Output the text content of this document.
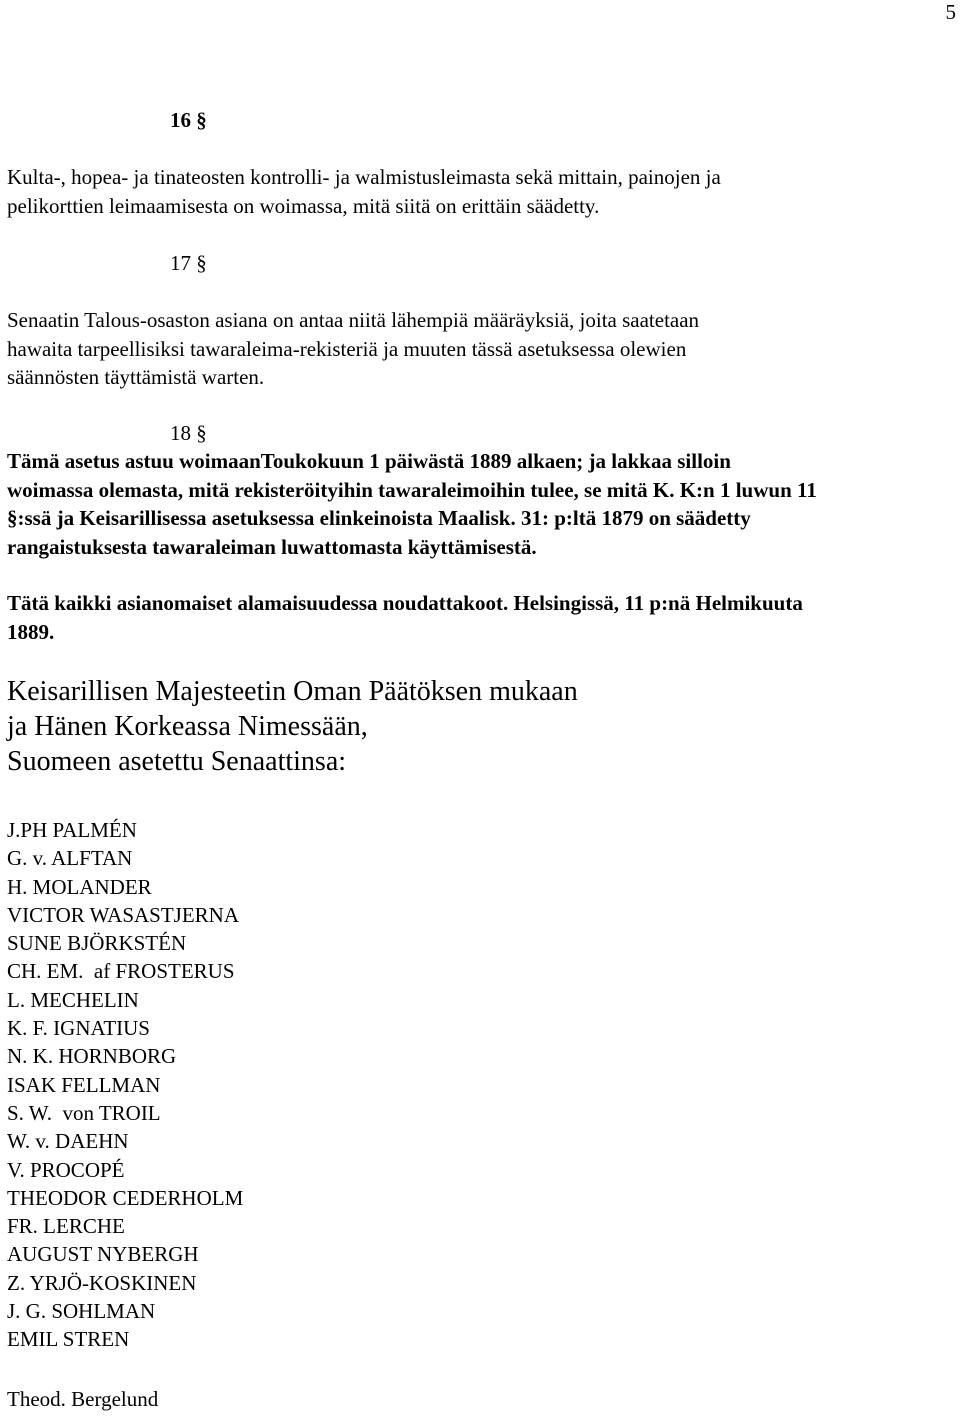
5
16 §
Kulta-, hopea- ja tinateosten kontrolli- ja walmistusleimasta sekä mittain, painojen ja
pelikorttien leimaamisesta on woimassa, mitä siitä on erittäin säädetty.
17 §
Senaatin Talous-osaston asiana on antaa niitä lähempiä määräyksiä, joita saatetaan
hawaita tarpeellisiksi tawaraleima-rekisteriä ja muuten tässä asetuksessa olewien
säännösten täyttämistä warten.
18 §
Tämä asetus astuu woimaanToukokuun 1 päiwästä 1889 alkaen; ja lakkaa silloin
woimassa olemasta, mitä rekisteröityihin tawaraleimoihin tulee, se mitä K. K:n 1 luwun 11
§:ssä ja Keisarillisessa asetuksessa elinkeinoista Maalisk. 31: p:ltä 1879 on säädetty
rangaistuksesta tawaraleiman luwattomasta käyttämisestä.
Tätä kaikki asianomaiset alamaisuudessa noudattakoot. Helsingissä, 11 p:nä Helmikuuta
1889.
Keisarillisen Majesteetin Oman Päätöksen mukaan
ja Hänen Korkeassa Nimessään,
Suomeen asetettu Senaattinsa:
J.PH PALMÉN
G. v. ALFTAN
H. MOLANDER
VICTOR WASASTJERNA
SUNE BJÖRKSTÉN
CH. EM.  af FROSTERUS
L. MECHELIN
K. F. IGNATIUS
N. K. HORNBORG
ISAK FELLMAN
S. W.  von TROIL
W. v. DAEHN
V. PROCOPÉ
THEODOR CEDERHOLM
FR. LERCHE
AUGUST NYBERGH
Z. YRJÖ-KOSKINEN
J. G. SOHLMAN
EMIL STREN
Theod. Bergelund
